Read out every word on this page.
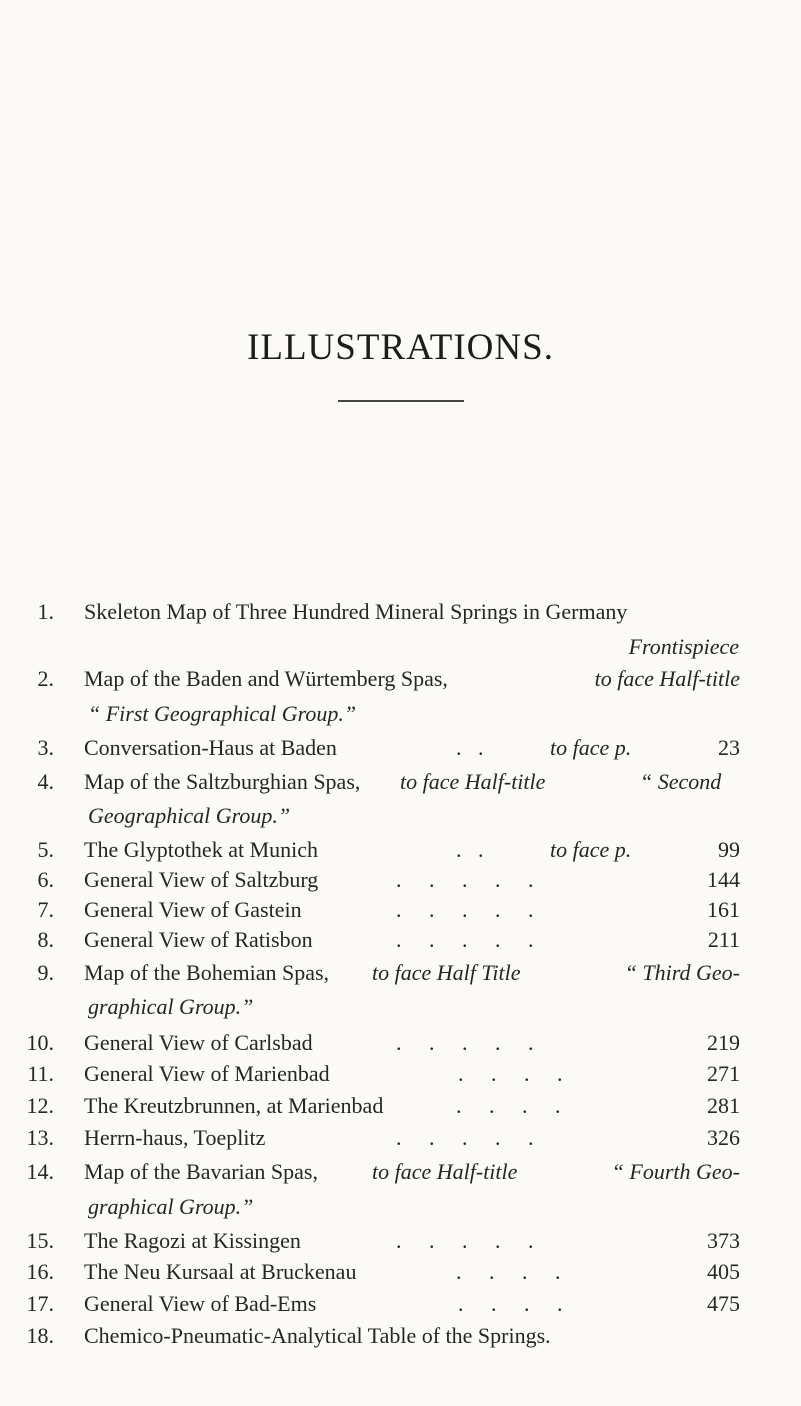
ILLUSTRATIONS.
1. Skeleton Map of Three Hundred Mineral Springs in Germany
Frontispiece
2. Map of the Baden and Würtemberg Spas,	to face Half-title
“ First Geographical Group.”
3. Conversation-Haus at Baden	.   .	to face p.	23
4. Map of the Saltzburghian Spas, to face Half-title	“ Second
Geographical Group.”
5. The Glyptothek at Munich	.   .	to face p.	99
6. General View of Saltzburg	.     .     .     .     .	144
7. General View of Gastein	.     .     .     .     .	161
8. General View of Ratisbon	.     .     .     .     .	211
9. Map of the Bohemian Spas, to face Half Title	“ Third Geo-
graphical Group.”
10. General View of Carlsbad	.     .     .     .     .	219
11. General View of Marienbad	.     .     .     .	271
12. The Kreutzbrunnen, at Marienbad	.     .     .     .	281
13. Herrn-haus, Toeplitz	.     .     .     .     .	326
14. Map of the Bavarian Spas, to face Half-title	“ Fourth Geo-
graphical Group.”
15. The Ragozi at Kissingen	.     .     .     .     .	373
16. The Neu Kursaal at Bruckenau	.     .     .     .	405
17. General View of Bad-Ems	.     .     .     .	475
18. Chemico-Pneumatic-Analytical Table of the Springs.
